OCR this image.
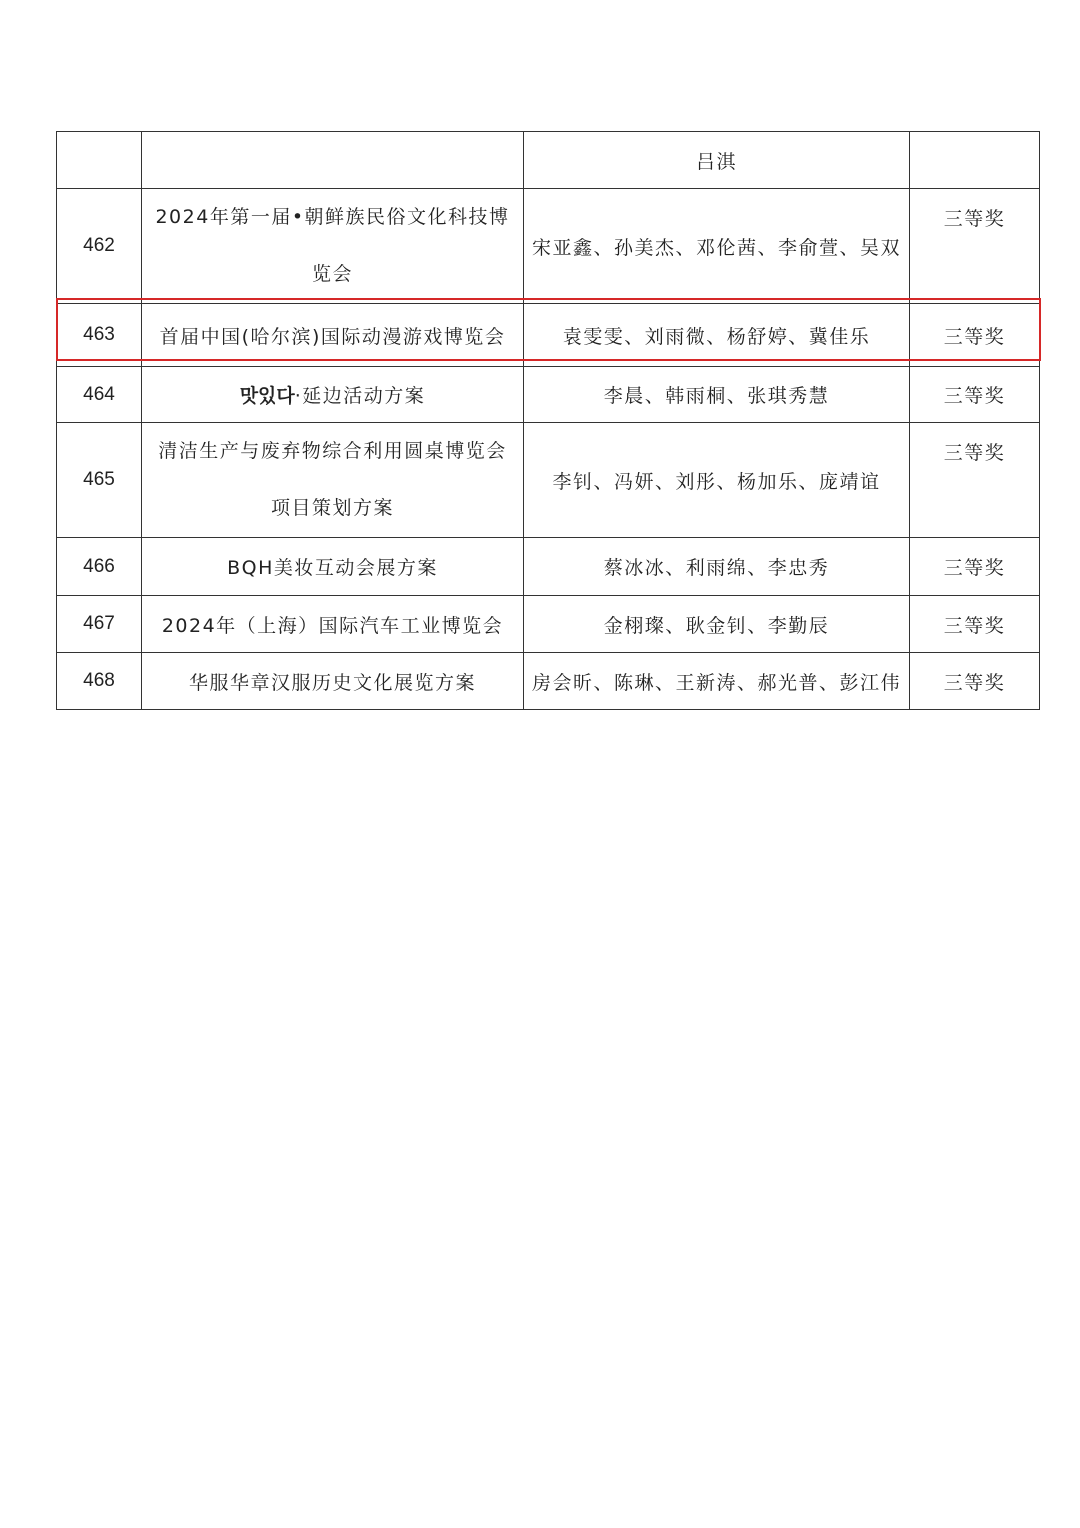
		吕淇	
462	2024年第一届•朝鲜族民俗文化科技博览会	宋亚鑫、孙美杰、邓伦茜、李俞萱、吴双	三等奖
463	首届中国(哈尔滨)国际动漫游戏博览会	袁雯雯、刘雨微、杨舒婷、冀佳乐	三等奖
464	맛있다·延边活动方案	李晨、韩雨桐、张琪秀慧	三等奖
465	清洁生产与废弃物综合利用圆桌博览会项目策划方案	李钊、冯妍、刘彤、杨加乐、庞靖谊	三等奖
466	BQH美妆互动会展方案	蔡冰冰、利雨绵、李忠秀	三等奖
467	2024年（上海）国际汽车工业博览会	金栩璨、耿金钊、李勤辰	三等奖
468	华服华章汉服历史文化展览方案	房会昕、陈琳、王新涛、郝光普、彭江伟	三等奖
